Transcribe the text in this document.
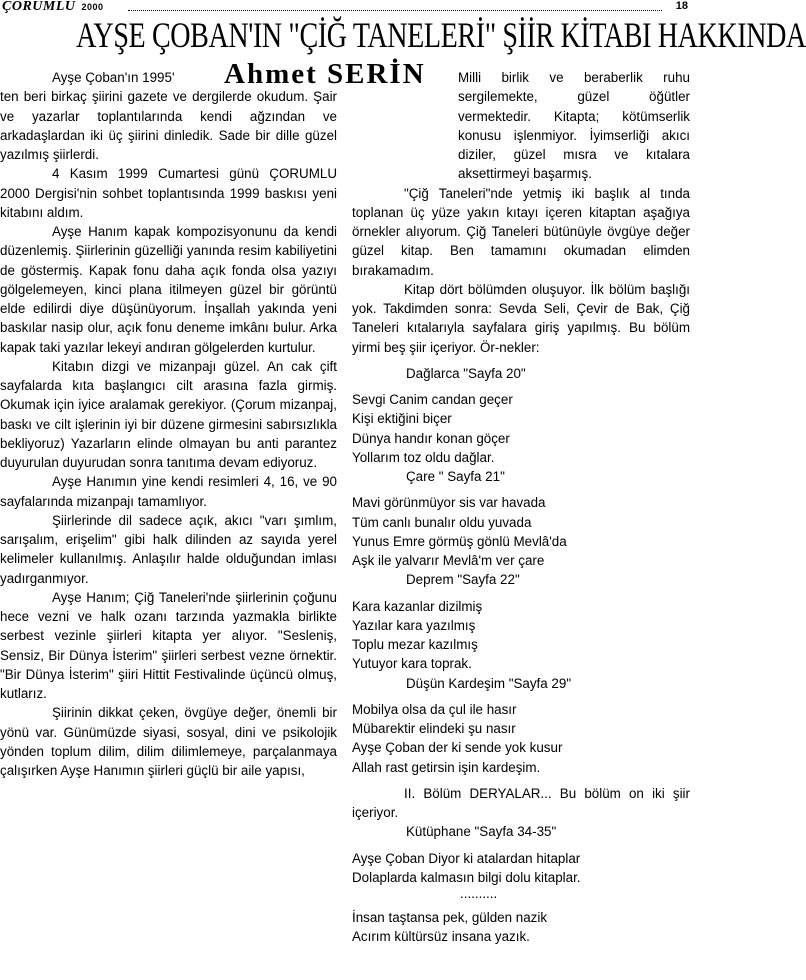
ÇORUMLU 2000	18
AYŞE ÇOBAN'IN "ÇİĞ TANELERİ" ŞİİR KİTABI HAKKINDA
Ahmet SERİN

Ayşe Çoban'ın 1995'

ten beri birkaç şiirini gazete ve dergilerde okudum. Şair ve yazarlar toplantılarında kendi ağzından ve arkadaşlardan iki üç şiirini dinledik. Sade bir dille güzel yazılmış şiirlerdi.

4 Kasım 1999 Cumartesi günü ÇORUMLU 2000 Dergisi'nin sohbet toplantısında 1999 baskısı yeni kitabını aldım.

Ayşe Hanım kapak kompozisyonunu da kendi düzenlemiş. Şiirlerinin güzelliği yanında resim kabiliyetini de göstermiş. Kapak fonu daha açık fonda olsa yazıyı gölgelemeyen, kinci plana itilmeyen güzel bir görüntü elde edilirdi diye düşünüyorum. İnşallah yakında yeni baskılar nasip olur, açık fonu deneme imkânı bulur. Arka kapak taki yazılar lekeyi andıran gölgelerden kurtulur.

Kitabın dizgi ve mizanpajı güzel. An cak çift sayfalarda kıta başlangıcı cilt arasına fazla girmiş. Okumak için iyice aralamak gerekiyor. (Çorum mizanpaj, baskı ve cilt işlerinin iyi bir düzene girmesini sabırsızlıkla bekliyoruz) Yazarların elinde olmayan bu anti parantez duyurulan duyurudan sonra tanıtıma devam ediyoruz.

Ayşe Hanımın yine kendi resimleri 4, 16, ve 90 sayfalarında mizanpajı tamamlıyor.

Şiirlerinde dil sadece açık, akıcı "varı şımlım, sarışalım, erişelim" gibi halk dilinden az sayıda yerel kelimeler kullanılmış. Anlaşılır halde olduğundan imlası yadırganmıyor.

Ayşe Hanım; Çiğ Taneleri'nde şiirlerinin çoğunu hece vezni ve halk ozanı tarzında yazmakla birlikte serbest vezinle şiirleri kitapta yer alıyor. "Sesleniş, Sensiz, Bir Dünya İsterim" şiirleri serbest vezne örnektir. "Bir Dünya İsterim" şiiri Hittit Festivalinde üçüncü olmuş, kutlarız.

Şiirinin dikkat çeken, övgüye değer, önemli bir yönü var. Günümüzde siyasi, sosyal, dini ve psikolojik yönden toplum dilim, dilim dilimlemeye, parçalanmaya çalışırken Ayşe Hanımın şiirleri güçlü bir aile yapısı,

Milli birlik ve beraberlik ruhu sergilemekte, güzel öğütler vermektedir. Kitapta; kötümserlik konusu işlenmiyor. İyimserliği akıcı diziler, güzel mısra ve kıtalara aksettirmeyi başarmış.

"Çiğ Taneleri"nde yetmiş iki başlık al tında toplanan üç yüze yakın kıtayı içeren kitaptan aşağıya örnekler alıyorum. Çiğ Taneleri bütünüyle övgüye değer güzel kitap. Ben tamamını okumadan elimden bırakamadım.

Kitap dört bölümden oluşuyor. İlk bölüm başlığı yok. Takdimden sonra: Sevda Seli, Çevir de Bak, Çiğ Taneleri kıtalarıyla sayfalara giriş yapılmış. Bu bölüm yirmi beş şiir içeriyor. Ör-nekler:

Dağlarca "Sayfa 20"

Sevgi Canim candan geçer

Kişi ektiğini biçer

Dünya handır konan göçer

Yollarım toz oldu dağlar.

Çare " Sayfa 21"

Mavi görünmüyor sis var havada

Tüm canlı bunalır oldu yuvada

Yunus Emre görmüş gönlü Mevlâ'da

Aşk ile yalvarır Mevlâ'm ver çare

Deprem "Sayfa 22"

Kara kazanlar dizilmiş

Yazılar kara yazılmış

Toplu mezar kazılmış

Yutuyor kara toprak.

Düşün Kardeşim "Sayfa 29"

Mobilya olsa da çul ile hasır

Mübarektir elindeki şu nasır

Ayşe Çoban der ki sende yok kusur

Allah rast getirsin işin kardeşim.

II. Bölüm DERYALAR... Bu bölüm on iki şiir içeriyor.

Kütüphane "Sayfa 34-35"

Ayşe Çoban Diyor ki atalardan hitaplar

Dolaplarda kalmasın bilgi dolu kitaplar.

..........

İnsan taştansa pek, gülden nazik

Acırım kültürsüz insana yazık.
